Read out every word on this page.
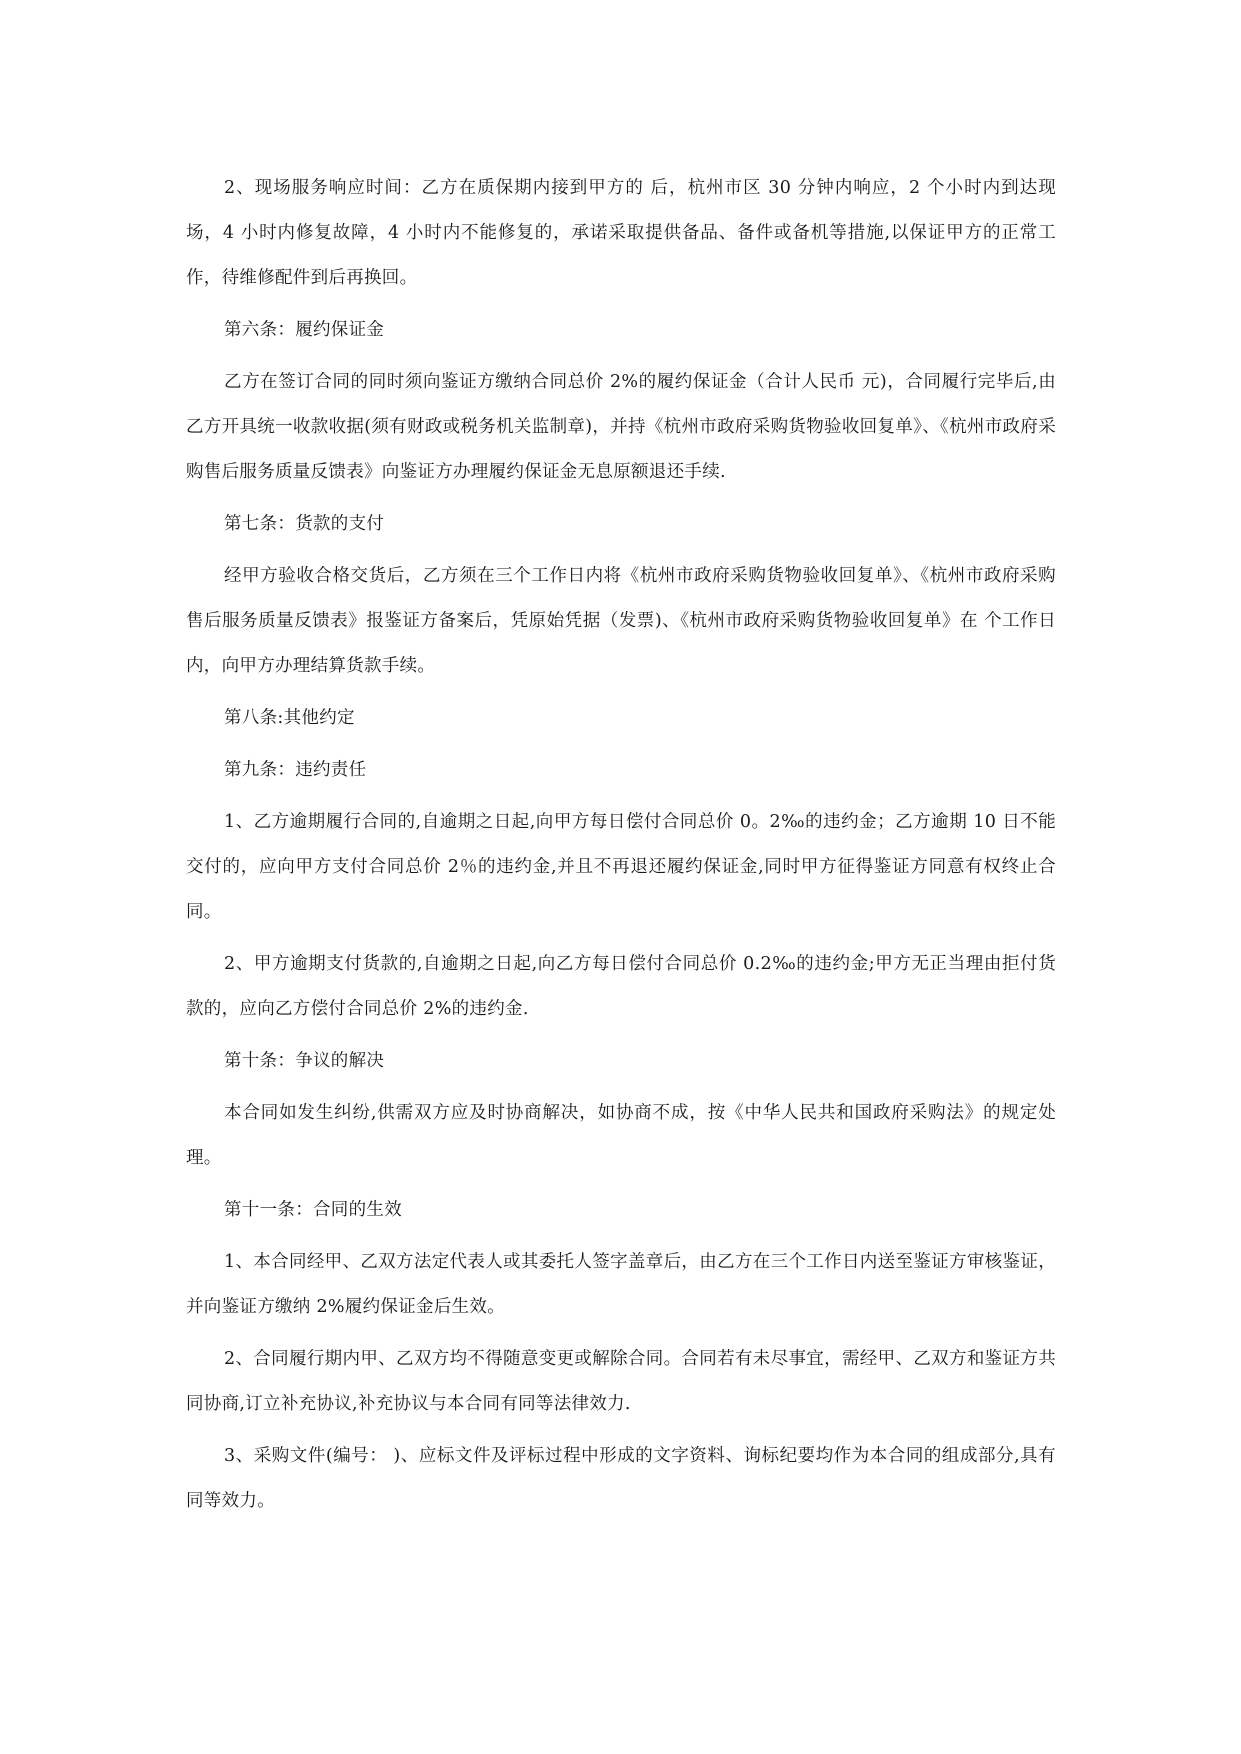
2、现场服务响应时间：乙方在质保期内接到甲方的 后，杭州市区 30 分钟内响应，2 个小时内到达现场，4 小时内修复故障，4 小时内不能修复的，承诺采取提供备品、备件或备机等措施,以保证甲方的正常工作，待维修配件到后再换回。

第六条：履约保证金

乙方在签订合同的同时须向鉴证方缴纳合同总价 2%的履约保证金（合计人民币 元)，合同履行完毕后,由乙方开具统一收款收据(须有财政或税务机关监制章)，并持《杭州市政府采购货物验收回复单》、《杭州市政府采购售后服务质量反馈表》向鉴证方办理履约保证金无息原额退还手续.

第七条：货款的支付

经甲方验收合格交货后，乙方须在三个工作日内将《杭州市政府采购货物验收回复单》、《杭州市政府采购售后服务质量反馈表》报鉴证方备案后，凭原始凭据（发票)、《杭州市政府采购货物验收回复单》在 个工作日内，向甲方办理结算货款手续。

第八条:其他约定

第九条：违约责任

1、乙方逾期履行合同的,自逾期之日起,向甲方每日偿付合同总价 0。2‰的违约金；乙方逾期 10 日不能交付的，应向甲方支付合同总价 2％的违约金,并且不再退还履约保证金,同时甲方征得鉴证方同意有权终止合同。

2、甲方逾期支付货款的,自逾期之日起,向乙方每日偿付合同总价 0.2‰的违约金;甲方无正当理由拒付货款的，应向乙方偿付合同总价 2%的违约金.

第十条：争议的解决

本合同如发生纠纷,供需双方应及时协商解决，如协商不成，按《中华人民共和国政府采购法》的规定处理。

第十一条：合同的生效

1、本合同经甲、乙双方法定代表人或其委托人签字盖章后，由乙方在三个工作日内送至鉴证方审核鉴证，并向鉴证方缴纳 2%履约保证金后生效。

2、合同履行期内甲、乙双方均不得随意变更或解除合同。合同若有未尽事宜，需经甲、乙双方和鉴证方共同协商,订立补充协议,补充协议与本合同有同等法律效力.

3、采购文件(编号： )、应标文件及评标过程中形成的文字资料、询标纪要均作为本合同的组成部分,具有同等效力。
